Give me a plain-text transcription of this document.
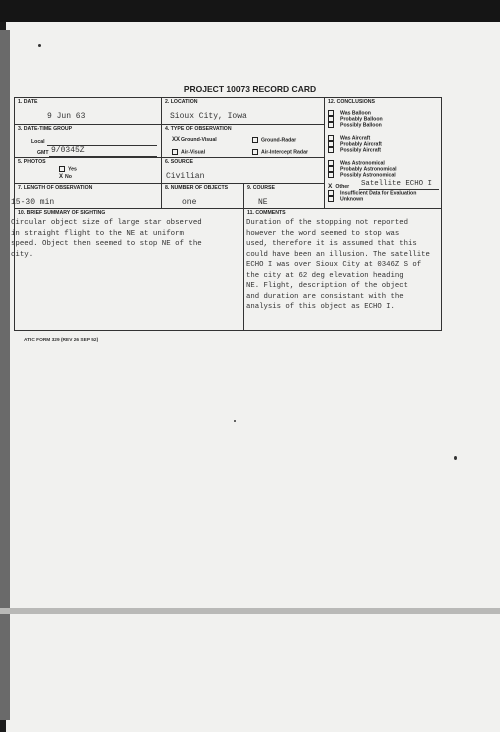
PROJECT 10073 RECORD CARD
1. DATE
9 Jun 63
2. LOCATION
Sioux City, Iowa
3. DATE-TIME GROUP
Local
GMT 9/0345Z
4. TYPE OF OBSERVATION
XXGround-Visual	Ground-Radar
Air-Visual	Air-Intercept Radar
5. PHOTOS
Yes
X No
6. SOURCE
Civilian
7. LENGTH OF OBSERVATION
15-30 min
8. NUMBER OF OBJECTS
one
9. COURSE
NE
12. CONCLUSIONS
Was Balloon
Probably Balloon
Possibly Balloon
Was Aircraft
Probably Aircraft
Possibly Aircraft
Was Astronomical
Probably Astronomical
Possibly Astronomical
X Other Satellite ECHO I
Insufficient Data for Evaluation
Unknown
10. BRIEF SUMMARY OF SIGHTING
Circular object size of large star observed
in straight flight to the NE at uniform
speed. Object then seemed to stop NE of the
city.
11. COMMENTS
Duration of the stopping not reported
however the word seemed to stop was
used, therefore it is assumed that this
could have been an illusion. The satellite
ECHO I was over Sioux City at 0346Z S of
the city at 62 deg elevation heading
NE. Flight, description of the object
and duration are consistant with the
analysis of this object as ECHO I.
ATIC FORM 329 (REV 26 SEP 52)
